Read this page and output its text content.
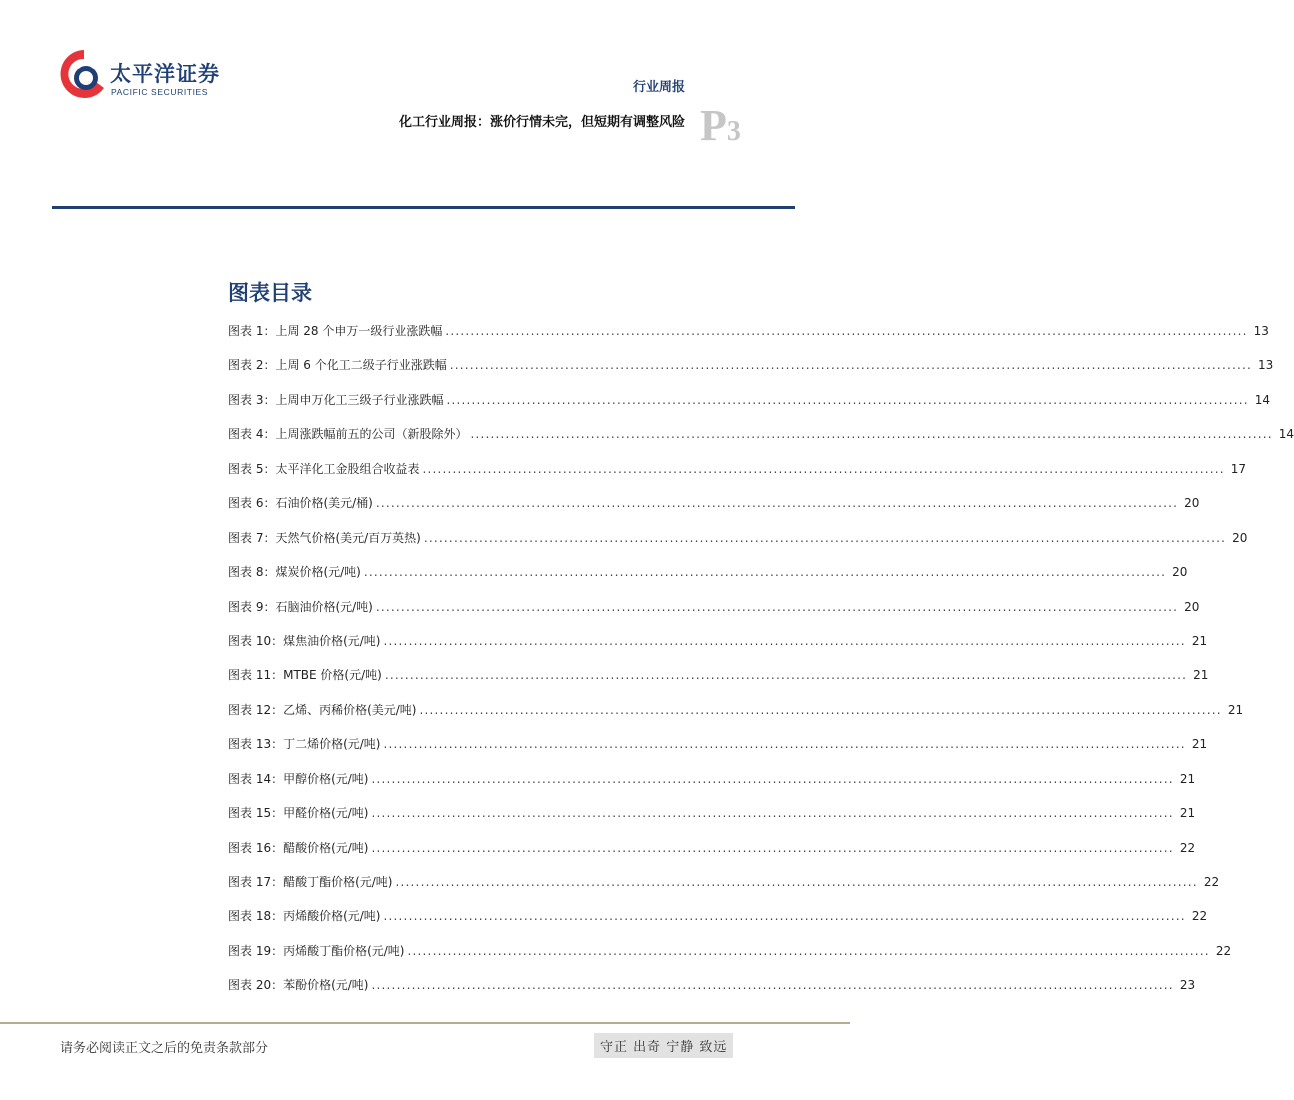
太平洋证券
PACIFIC SECURITIES	行业周报
化工行业周报：涨价行情未完，但短期有调整风险 P3
图表目录
图表 1：上周 28 个申万一级行业涨跌幅 ................................................................................................................................................................ 13
图表 2：上周 6 个化工二级子行业涨跌幅 ................................................................................................................................................................ 13
图表 3：上周申万化工三级子行业涨跌幅 ................................................................................................................................................................ 14
图表 4：上周涨跌幅前五的公司（新股除外） ................................................................................................................................................................ 14
图表 5：太平洋化工金股组合收益表 ................................................................................................................................................................ 17
图表 6：石油价格(美元/桶) ................................................................................................................................................................ 20
图表 7：天然气价格(美元/百万英热) ................................................................................................................................................................ 20
图表 8：煤炭价格(元/吨) ................................................................................................................................................................ 20
图表 9：石脑油价格(元/吨) ................................................................................................................................................................ 20
图表 10：煤焦油价格(元/吨) ................................................................................................................................................................ 21
图表 11：MTBE 价格(元/吨) ................................................................................................................................................................ 21
图表 12：乙烯、丙稀价格(美元/吨) ................................................................................................................................................................ 21
图表 13：丁二烯价格(元/吨) ................................................................................................................................................................ 21
图表 14：甲醇价格(元/吨) ................................................................................................................................................................ 21
图表 15：甲醛价格(元/吨) ................................................................................................................................................................ 21
图表 16：醋酸价格(元/吨) ................................................................................................................................................................ 22
图表 17：醋酸丁酯价格(元/吨) ................................................................................................................................................................ 22
图表 18：丙烯酸价格(元/吨) ................................................................................................................................................................ 22
图表 19：丙烯酸丁酯价格(元/吨) ................................................................................................................................................................ 22
图表 20：苯酚价格(元/吨) ................................................................................................................................................................ 23
请务必阅读正文之后的免责条款部分	守正 出奇 宁静 致远
